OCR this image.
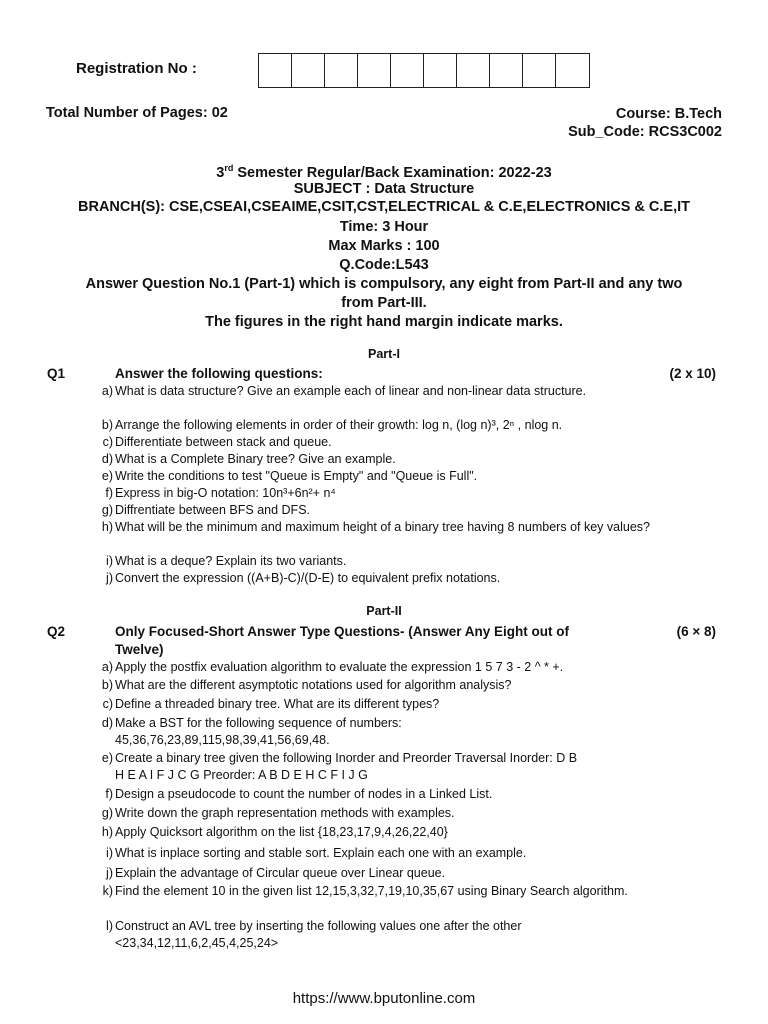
Registration No :
Total Number of Pages: 02	Course: B.Tech
Sub_Code: RCS3C002
3rd Semester Regular/Back Examination: 2022-23
SUBJECT : Data Structure
BRANCH(S): CSE,CSEAI,CSEAIME,CSIT,CST,ELECTRICAL & C.E,ELECTRONICS & C.E,IT
Time: 3 Hour
Max Marks : 100
Q.Code:L543
Answer Question No.1 (Part-1) which is compulsory, any eight from Part-II and any two
from Part-III.
The figures in the right hand margin indicate marks.
Part-I
Q1	Answer the following questions:	(2 x 10)
a) What is data structure? Give an example each of linear and non-linear data structure.
b) Arrange the following elements in order of their growth: log n, (log n)³, 2ⁿ , nlog n.
c) Differentiate between stack and queue.
d) What is a Complete Binary tree? Give an example.
e) Write the conditions to test "Queue is Empty" and "Queue is Full".
f) Express in big-O notation: 10n³+6n²+ n⁴
g) Diffrentiate between BFS and DFS.
h) What will be the minimum and maximum height of a binary tree having 8 numbers of key values?
i) What is a deque? Explain its two variants.
j) Convert the expression ((A+B)-C)/(D-E) to equivalent prefix notations.
Part-II
Q2	Only Focused-Short Answer Type Questions- (Answer Any Eight out of
Twelve)
(6 × 8)
a) Apply the postfix evaluation algorithm to evaluate the expression 1 5 7 3 - 2 ^ * +.
b) What are the different asymptotic notations used for algorithm analysis?
c) Define a threaded binary tree. What are its different types?
d) Make a BST for the following sequence of numbers: 45,36,76,23,89,115,98,39,41,56,69,48.
e) Create a binary tree given the following Inorder and Preorder Traversal Inorder: D B H E A I F J C G Preorder: A B D E H C F I J G
f) Design a pseudocode to count the number of nodes in a Linked List.
g) Write down the graph representation methods with examples.
h) Apply Quicksort algorithm on the list {18,23,17,9,4,26,22,40}
i) What is inplace sorting and stable sort. Explain each one with an example.
j) Explain the advantage of Circular queue over Linear queue.
k) Find the element 10 in the given list 12,15,3,32,7,19,10,35,67 using Binary Search algorithm.
l) Construct an AVL tree by inserting the following values one after the other <23,34,12,11,6,2,45,4,25,24>
https://www.bputonline.com
